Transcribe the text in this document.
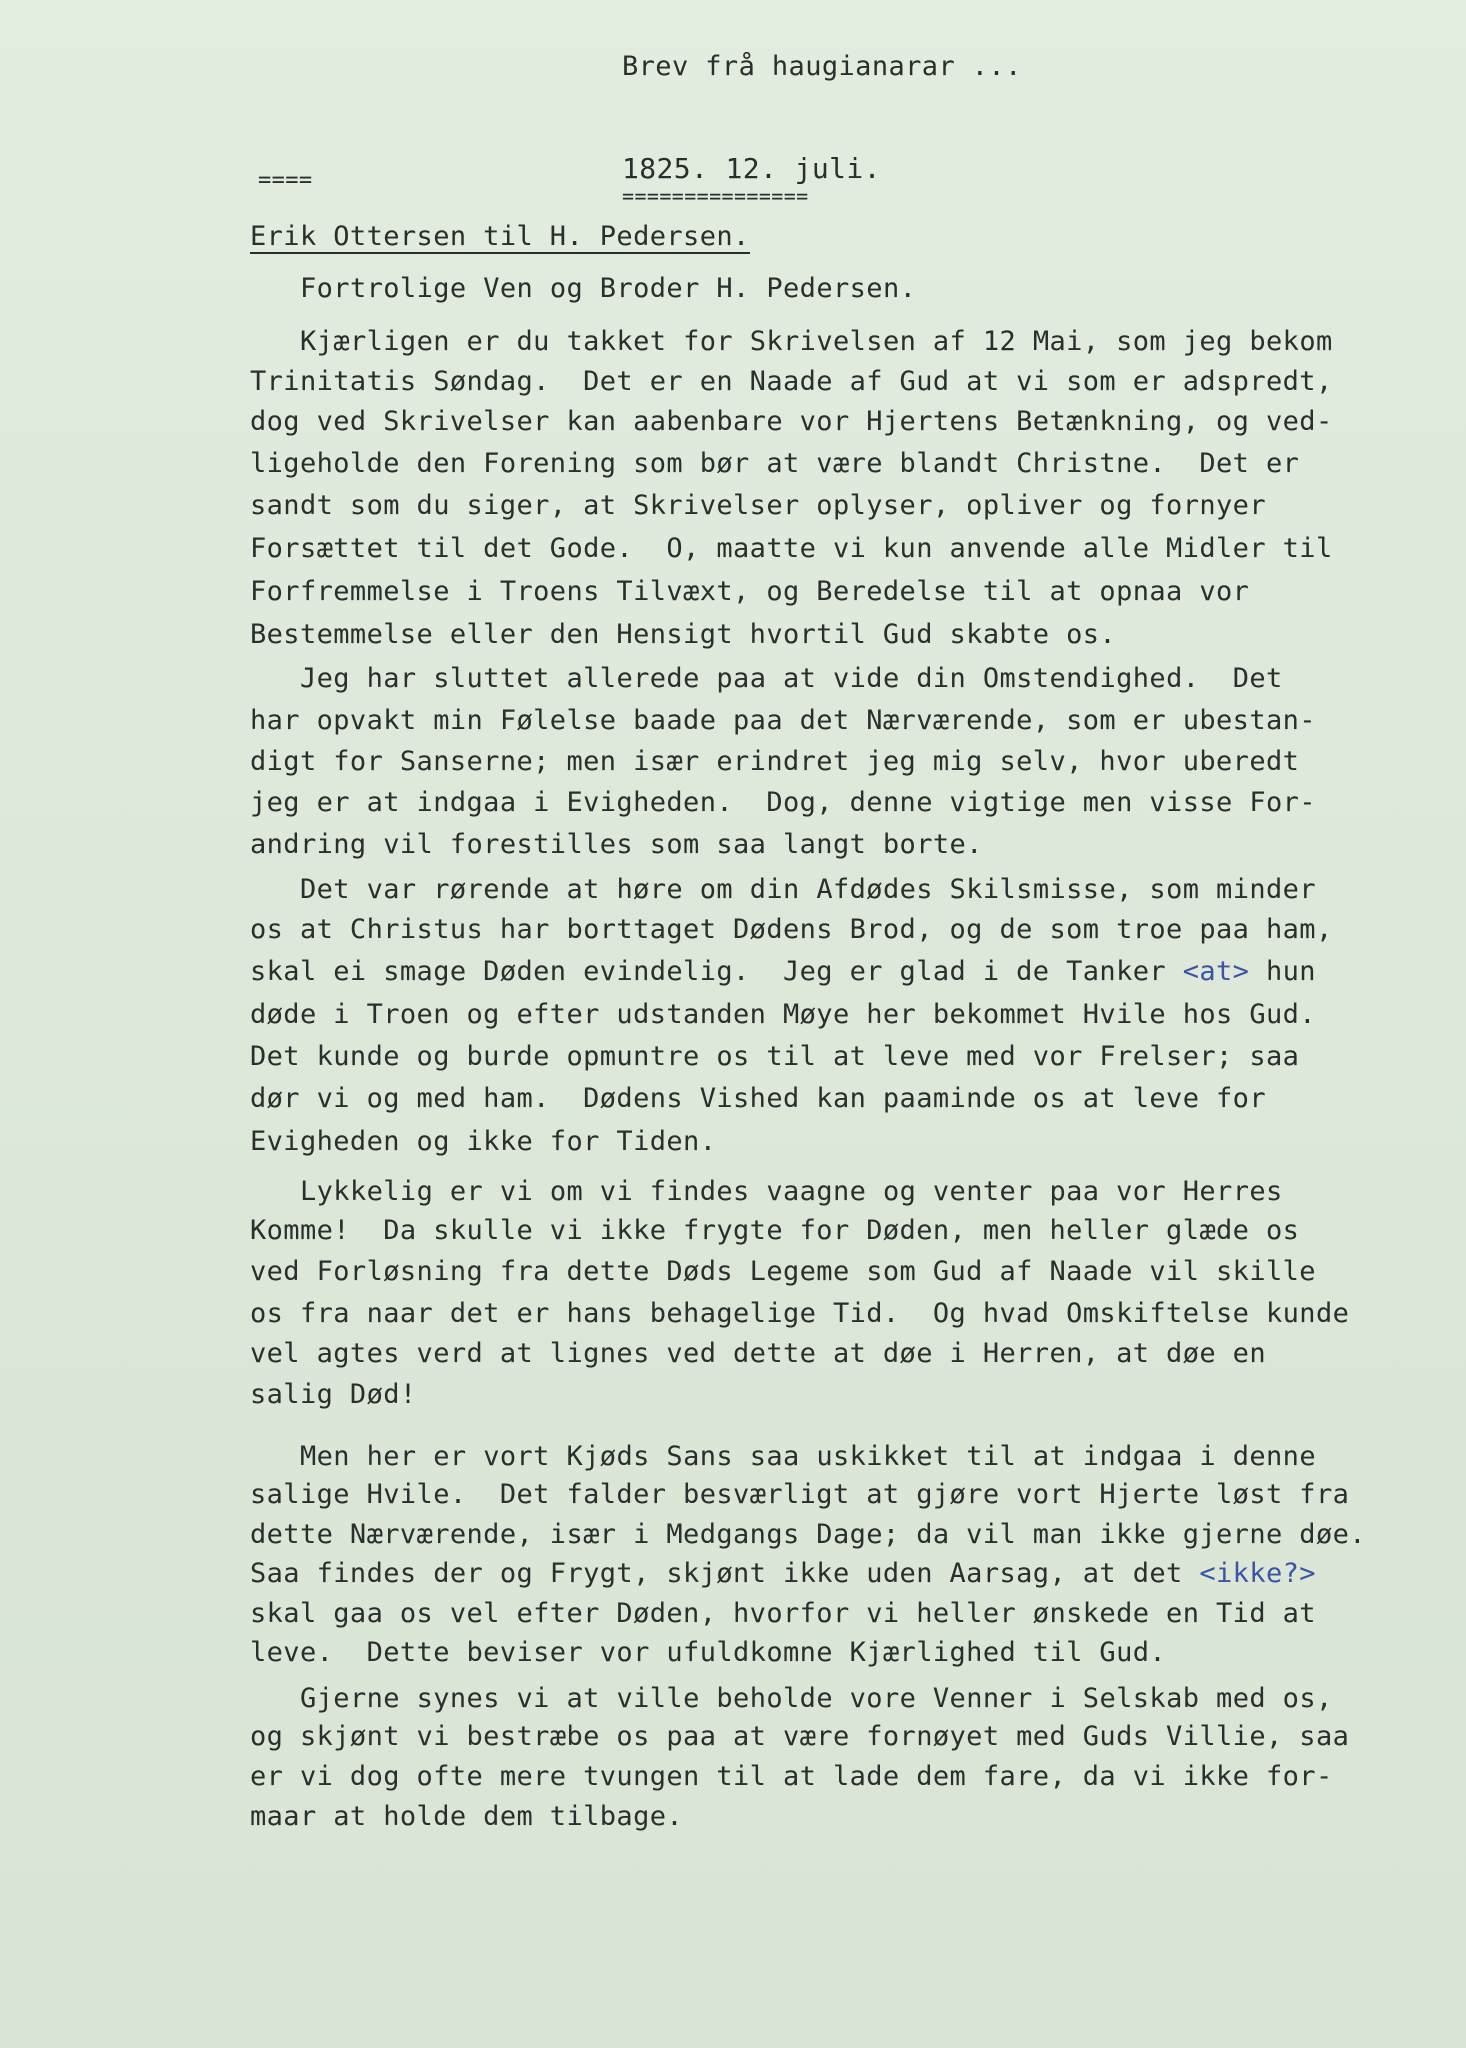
Brev frå haugianarar ...
====	1825. 12. juli.
===============
Erik Ottersen til H. Pedersen.
Fortrolige Ven og Broder H. Pedersen.
Kjærligen er du takket for Skrivelsen af 12 Mai, som jeg bekom
Trinitatis Søndag.  Det er en Naade af Gud at vi som er adspredt,
dog ved Skrivelser kan aabenbare vor Hjertens Betænkning, og ved-
ligeholde den Forening som bør at være blandt Christne.  Det er
sandt som du siger, at Skrivelser oplyser, opliver og fornyer
Forsættet til det Gode.  O, maatte vi kun anvende alle Midler til
Forfremmelse i Troens Tilvæxt, og Beredelse til at opnaa vor
Bestemmelse eller den Hensigt hvortil Gud skabte os.
Jeg har sluttet allerede paa at vide din Omstendighed.  Det
har opvakt min Følelse baade paa det Nærværende, som er ubestan-
digt for Sanserne; men især erindret jeg mig selv, hvor uberedt
jeg er at indgaa i Evigheden.  Dog, denne vigtige men visse For-
andring vil forestilles som saa langt borte.
Det var rørende at høre om din Afdødes Skilsmisse, som minder
os at Christus har borttaget Dødens Brod, og de som troe paa ham,
skal ei smage Døden evindelig.  Jeg er glad i de Tanker <at> hun
døde i Troen og efter udstanden Møye her bekommet Hvile hos Gud.
Det kunde og burde opmuntre os til at leve med vor Frelser; saa
dør vi og med ham.  Dødens Vished kan paaminde os at leve for
Evigheden og ikke for Tiden.
Lykkelig er vi om vi findes vaagne og venter paa vor Herres
Komme!  Da skulle vi ikke frygte for Døden, men heller glæde os
ved Forløsning fra dette Døds Legeme som Gud af Naade vil skille
os fra naar det er hans behagelige Tid.  Og hvad Omskiftelse kunde
vel agtes verd at lignes ved dette at døe i Herren, at døe en
salig Død!
Men her er vort Kjøds Sans saa uskikket til at indgaa i denne
salige Hvile.  Det falder besværligt at gjøre vort Hjerte løst fra
dette Nærværende, især i Medgangs Dage; da vil man ikke gjerne døe.
Saa findes der og Frygt, skjønt ikke uden Aarsag, at det <ikke?>
skal gaa os vel efter Døden, hvorfor vi heller ønskede en Tid at
leve.  Dette beviser vor ufuldkomne Kjærlighed til Gud.
Gjerne synes vi at ville beholde vore Venner i Selskab med os,
og skjønt vi bestræbe os paa at være fornøyet med Guds Villie, saa
er vi dog ofte mere tvungen til at lade dem fare, da vi ikke for-
maar at holde dem tilbage.
